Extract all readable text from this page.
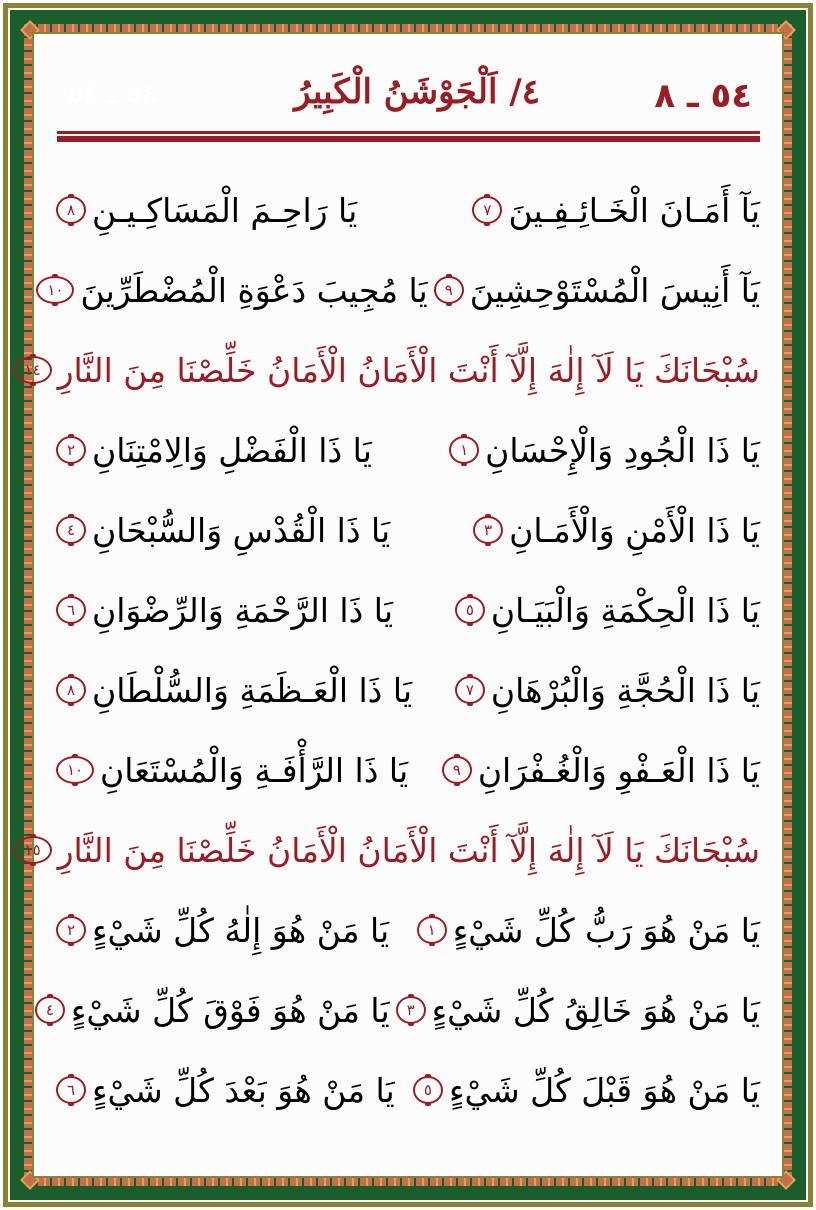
٥٤ ـ ٨
٤/ اَلْجَوْشَنُ الْكَبِيرُ
٥٤ ـ ٥٤
يَآ أَمَـانَ الْخَـائِـفِـينَ
٧
يَا رَاحِـمَ الْمَسَاكِـيـنِ
٨
يَآ أَنِيسَ الْمُسْتَوْحِشِينَ
٩
يَا مُجِيبَ دَعْوَةِ الْمُضْطَرِّينَ
١٠
سُبْحَانَكَ يَا لَآ إِلٰهَ إِلَّآ أَنْتَ الْأَمَانُ الْأَمَانُ خَلِّصْنَا مِنَ النَّارِ
١٤
يَا ذَا الْجُودِ وَالْإِحْسَانِ
١
يَا ذَا الْفَضْلِ وَالِامْتِنَانِ
٢
يَا ذَا الْأَمْنِ وَالْأَمَـانِ
٣
يَا ذَا الْقُدْسِ وَالسُّبْحَانِ
٤
يَا ذَا الْحِكْمَةِ وَالْبَيَـانِ
٥
يَا ذَا الرَّحْمَةِ وَالرِّضْوَانِ
٦
يَا ذَا الْحُجَّةِ وَالْبُرْهَانِ
٧
يَا ذَا الْعَـظَمَةِ وَالسُّلْطَانِ
٨
يَا ذَا الْعَـفْوِ وَالْغُـفْرَانِ
٩
يَا ذَا الرَّأْفَـةِ وَالْمُسْتَعَانِ
١٠
سُبْحَانَكَ يَا لَآ إِلٰهَ إِلَّآ أَنْتَ الْأَمَانُ الْأَمَانُ خَلِّصْنَا مِنَ النَّارِ
١٥
يَا مَنْ هُوَ رَبُّ كُلِّ شَيْءٍ
١
يَا مَنْ هُوَ إِلٰهُ كُلِّ شَيْءٍ
٢
يَا مَنْ هُوَ خَالِقُ كُلِّ شَيْءٍ
٣
يَا مَنْ هُوَ فَوْقَ كُلِّ شَيْءٍ
٤
يَا مَنْ هُوَ قَبْلَ كُلِّ شَيْءٍ
٥
يَا مَنْ هُوَ بَعْدَ كُلِّ شَيْءٍ
٦
